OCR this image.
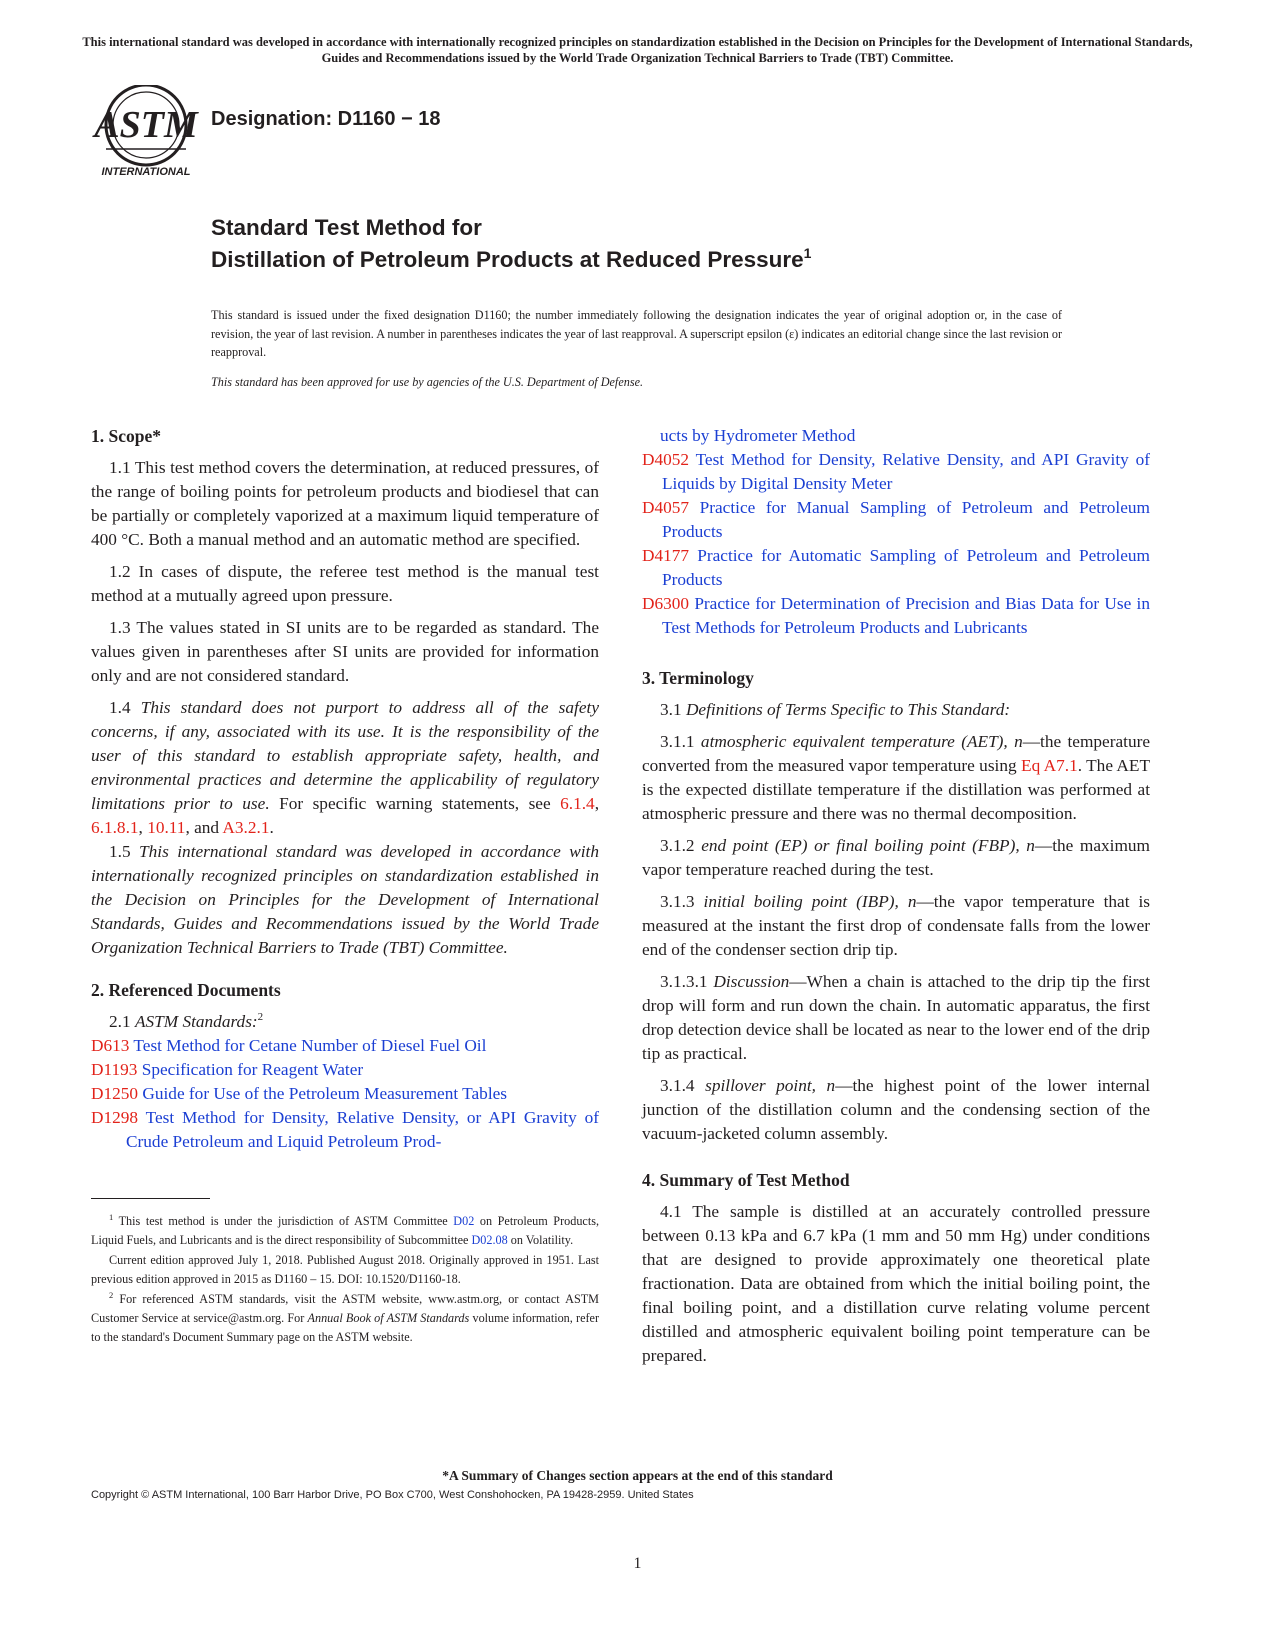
This international standard was developed in accordance with internationally recognized principles on standardization established in the Decision on Principles for the Development of International Standards, Guides and Recommendations issued by the World Trade Organization Technical Barriers to Trade (TBT) Committee.
ASTM
INTERNATIONAL
Designation: D1160 − 18
Standard Test Method for
Distillation of Petroleum Products at Reduced Pressure$^1$
This standard is issued under the fixed designation D1160; the number immediately following the designation indicates the year of original adoption or, in the case of revision, the year of last revision. A number in parentheses indicates the year of last reapproval. A superscript epsilon (ε) indicates an editorial change since the last revision or reapproval.
This standard has been approved for use by agencies of the U.S. Department of Defense.

1. Scope*

1.1 This test method covers the determination, at reduced pressures, of the range of boiling points for petroleum products and biodiesel that can be partially or completely vaporized at a maximum liquid temperature of 400 °C. Both a manual method and an automatic method are specified.

1.2 In cases of dispute, the referee test method is the manual test method at a mutually agreed upon pressure.

1.3 The values stated in SI units are to be regarded as standard. The values given in parentheses after SI units are provided for information only and are not considered standard.

1.4 This standard does not purport to address all of the safety concerns, if any, associated with its use. It is the responsibility of the user of this standard to establish appropriate safety, health, and environmental practices and determine the applicability of regulatory limitations prior to use. For specific warning statements, see 6.1.4, 6.1.8.1, 10.11, and A3.2.1.

1.5 This international standard was developed in accordance with internationally recognized principles on standardization established in the Decision on Principles for the Development of International Standards, Guides and Recommendations issued by the World Trade Organization Technical Barriers to Trade (TBT) Committee.

2. Referenced Documents

2.1 ASTM Standards:$^2$

D613 Test Method for Cetane Number of Diesel Fuel Oil

D1193 Specification for Reagent Water

D1250 Guide for Use of the Petroleum Measurement Tables

D1298 Test Method for Density, Relative Density, or API Gravity of Crude Petroleum and Liquid Petroleum Prod-

ucts by Hydrometer Method

D4052 Test Method for Density, Relative Density, and API Gravity of Liquids by Digital Density Meter

D4057 Practice for Manual Sampling of Petroleum and Petroleum Products

D4177 Practice for Automatic Sampling of Petroleum and Petroleum Products

D6300 Practice for Determination of Precision and Bias Data for Use in Test Methods for Petroleum Products and Lubricants

3. Terminology

3.1 Definitions of Terms Specific to This Standard:

3.1.1 atmospheric equivalent temperature (AET), n—the temperature converted from the measured vapor temperature using Eq A7.1. The AET is the expected distillate temperature if the distillation was performed at atmospheric pressure and there was no thermal decomposition.

3.1.2 end point (EP) or final boiling point (FBP), n—the maximum vapor temperature reached during the test.

3.1.3 initial boiling point (IBP), n—the vapor temperature that is measured at the instant the first drop of condensate falls from the lower end of the condenser section drip tip.

3.1.3.1 Discussion—When a chain is attached to the drip tip the first drop will form and run down the chain. In automatic apparatus, the first drop detection device shall be located as near to the lower end of the drip tip as practical.

3.1.4 spillover point, n—the highest point of the lower internal junction of the distillation column and the condensing section of the vacuum-jacketed column assembly.

4. Summary of Test Method

4.1 The sample is distilled at an accurately controlled pressure between 0.13 kPa and 6.7 kPa (1 mm and 50 mm Hg) under conditions that are designed to provide approximately one theoretical plate fractionation. Data are obtained from which the initial boiling point, the final boiling point, and a distillation curve relating volume percent distilled and atmospheric equivalent boiling point temperature can be prepared.

$^1$ This test method is under the jurisdiction of ASTM Committee D02 on Petroleum Products, Liquid Fuels, and Lubricants and is the direct responsibility of Subcommittee D02.08 on Volatility.

Current edition approved July 1, 2018. Published August 2018. Originally approved in 1951. Last previous edition approved in 2015 as D1160 – 15. DOI: 10.1520/D1160-18.

$^2$ For referenced ASTM standards, visit the ASTM website, www.astm.org, or contact ASTM Customer Service at service@astm.org. For Annual Book of ASTM Standards volume information, refer to the standard's Document Summary page on the ASTM website.

*A Summary of Changes section appears at the end of this standard
Copyright © ASTM International, 100 Barr Harbor Drive, PO Box C700, West Conshohocken, PA 19428-2959. United States
1
